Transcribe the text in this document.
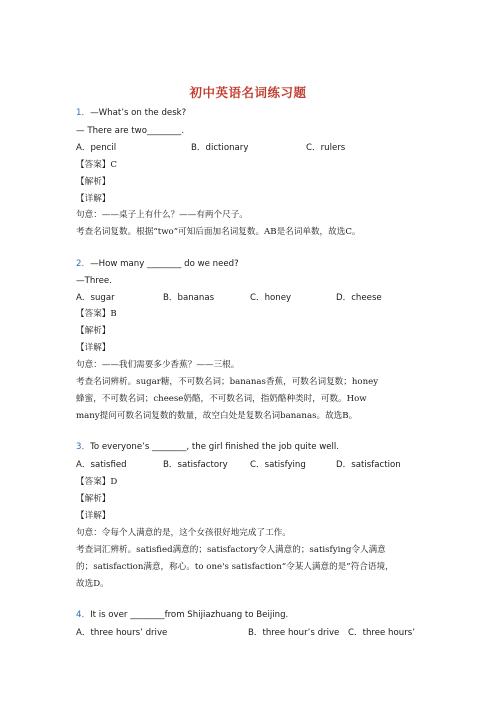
初中英语名词练习题
1．—What’s on the desk?
— There are two________.
A．pencil	B．dictionary	C．rulers
【答案】C
【解析】
【详解】
句意：——桌子上有什么？——有两个尺子。
考查名词复数。根据“two”可知后面加名词复数。AB是名词单数，故选C。
2．—How many ________ do we need?
—Three.
A．sugar	B．bananas	C．honey	D．cheese
【答案】B
【解析】
【详解】
句意：——我们需要多少香蕉？——三根。
考查名词辨析。sugar糖，不可数名词；bananas香蕉，可数名词复数；honey
蜂蜜，不可数名词；cheese奶酪，不可数名词，指奶酪种类时，可数。How
many提问可数名词复数的数量，故空白处是复数名词bananas。故选B。
3．To everyone’s ________, the girl finished the job quite well.
A．satisfied	B．satisfactory	C．satisfying	D．satisfaction
【答案】D
【解析】
【详解】
句意：令每个人满意的是，这个女孩很好地完成了工作。
考查词汇辨析。satisfied满意的；satisfactory令人满意的；satisfying令人满意
的；satisfaction满意，称心。to one's satisfaction“令某人满意的是”符合语境，
故选D。
4．It is over ________from Shijiazhuang to Beijing.
A．three hours’ drive	B．three hour’s drive C．three hours’
